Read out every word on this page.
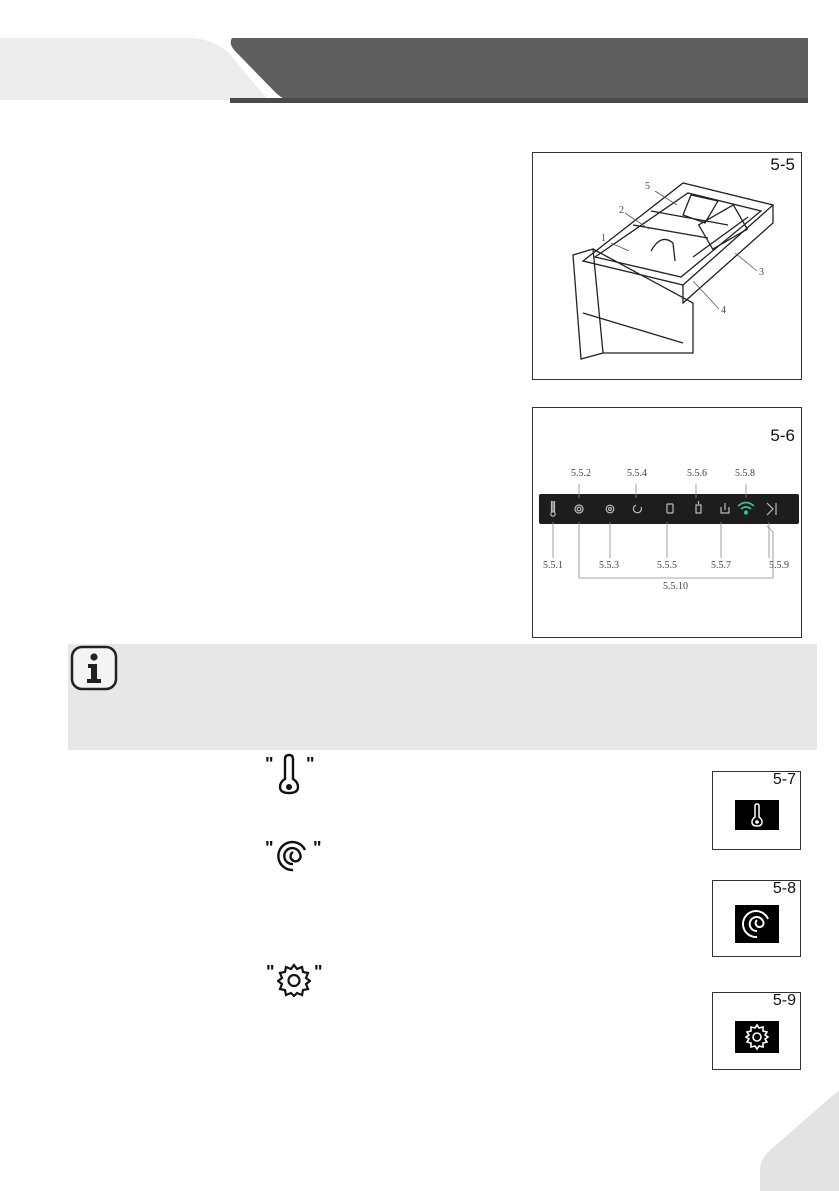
5-5
1
2
3
4
5
5-6
5.5.2	5.5.4	5.5.6	5.5.8
5.5.1	5.5.3	5.5.5	5.5.7	5.5.9
5.5.10
" "
" "
" "
5-7
5-8
5-9
